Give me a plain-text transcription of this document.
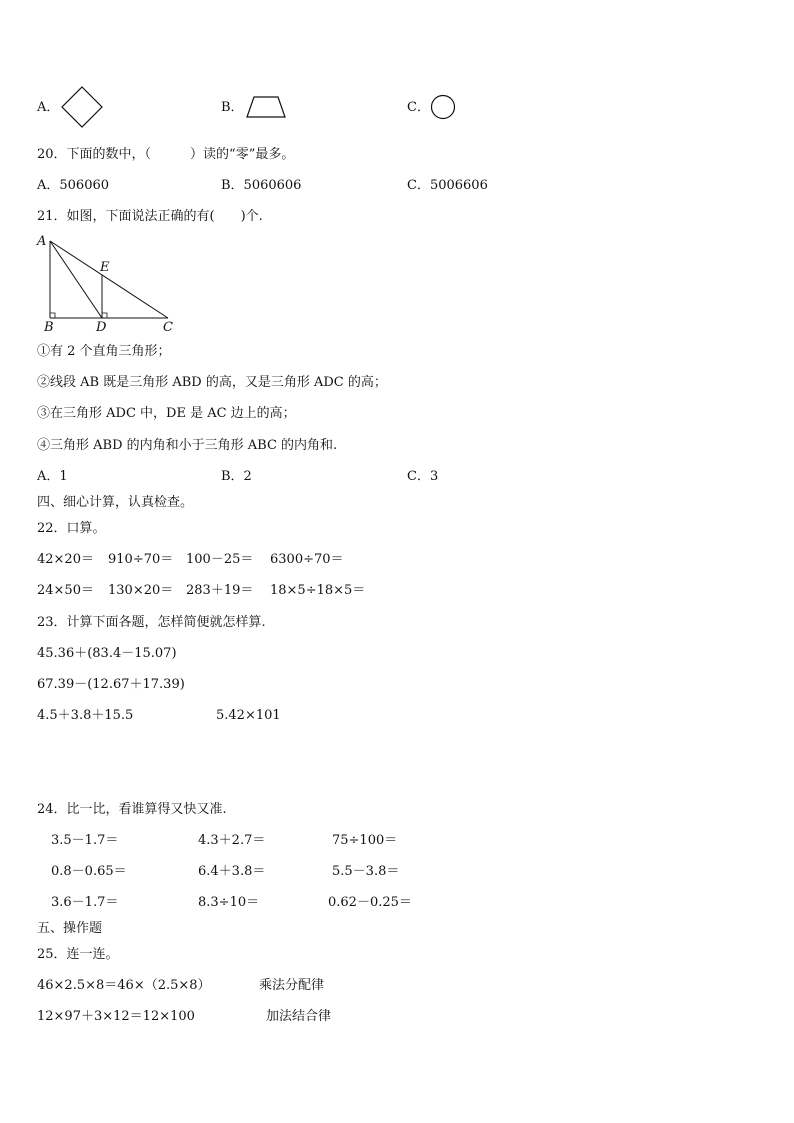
A．	B．	C．
20．下面的数中，（　　　）读的“零”最多。
A．506060	B．5060606	C．5006606
21．如图，下面说法正确的有(　　)个.
A
E
B	D	C
①有 2 个直角三角形；
②线段 AB 既是三角形 ABD 的高，又是三角形 ADC 的高；
③在三角形 ADC 中，DE 是 AC 边上的高；
④三角形 ABD 的内角和小于三角形 ABC 的内角和.
A．1	B．2	C．3
四、细心计算，认真检查。
22．口算。
42×20＝ 910÷70＝ 100－25＝ 6300÷70＝
24×50＝ 130×20＝ 283＋19＝ 18×5÷18×5＝
23．计算下面各题，怎样简便就怎样算.
45.36＋(83.4－15.07)
67.39－(12.67＋17.39)
4.5＋3.8＋15.5	5.42×101
24．比一比，看谁算得又快又准.
3.5－1.7＝	4.3＋2.7＝	75÷100＝
0.8－0.65＝	6.4＋3.8＝	5.5－3.8＝
3.6－1.7＝	8.3÷10＝	0.62－0.25＝
五、操作题
25．连一连。
46×2.5×8＝46×（2.5×8）	乘法分配律
12×97＋3×12＝12×100	加法结合律
